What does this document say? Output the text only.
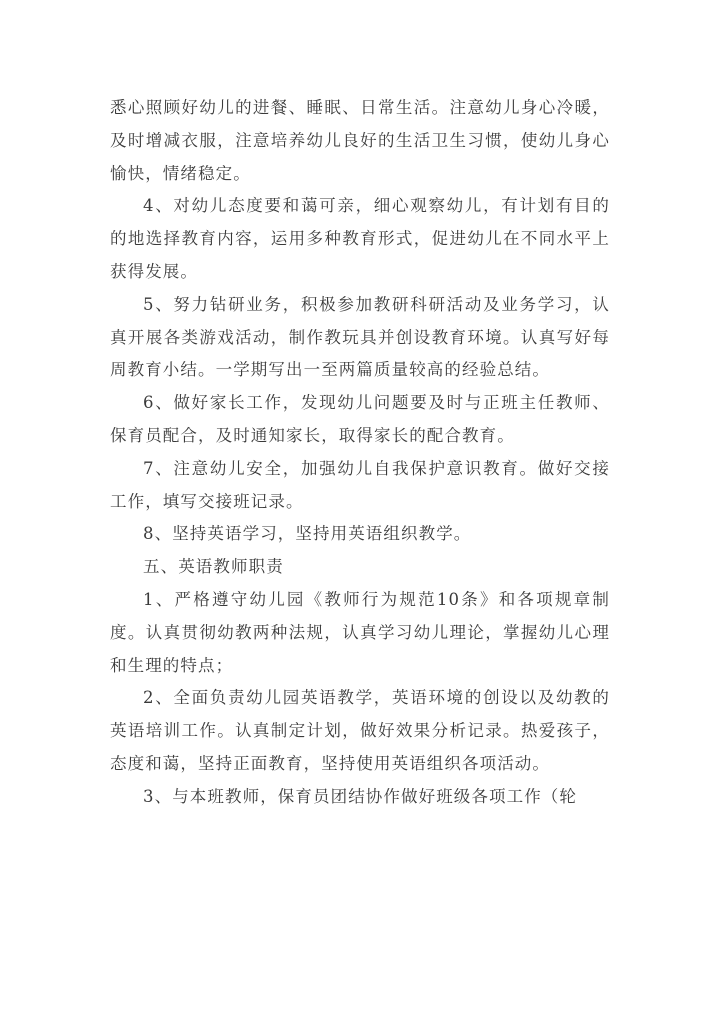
悉心照顾好幼儿的进餐、睡眠、日常生活。注意幼儿身心冷暖，及时增减衣服，注意培养幼儿良好的生活卫生习惯，使幼儿身心愉快，情绪稳定。

4、对幼儿态度要和蔼可亲，细心观察幼儿，有计划有目的的地选择教育内容，运用多种教育形式，促进幼儿在不同水平上获得发展。

5、努力钻研业务，积极参加教研科研活动及业务学习，认真开展各类游戏活动，制作教玩具并创设教育环境。认真写好每周教育小结。一学期写出一至两篇质量较高的经验总结。

6、做好家长工作，发现幼儿问题要及时与正班主任教师、保育员配合，及时通知家长，取得家长的配合教育。

7、注意幼儿安全，加强幼儿自我保护意识教育。做好交接工作，填写交接班记录。

8、坚持英语学习，坚持用英语组织教学。

五、英语教师职责

1、严格遵守幼儿园《教师行为规范10条》和各项规章制度。认真贯彻幼教两种法规，认真学习幼儿理论，掌握幼儿心理和生理的特点；

2、全面负责幼儿园英语教学，英语环境的创设以及幼教的英语培训工作。认真制定计划，做好效果分析记录。热爱孩子，态度和蔼，坚持正面教育，坚持使用英语组织各项活动。

3、与本班教师，保育员团结协作做好班级各项工作（轮
